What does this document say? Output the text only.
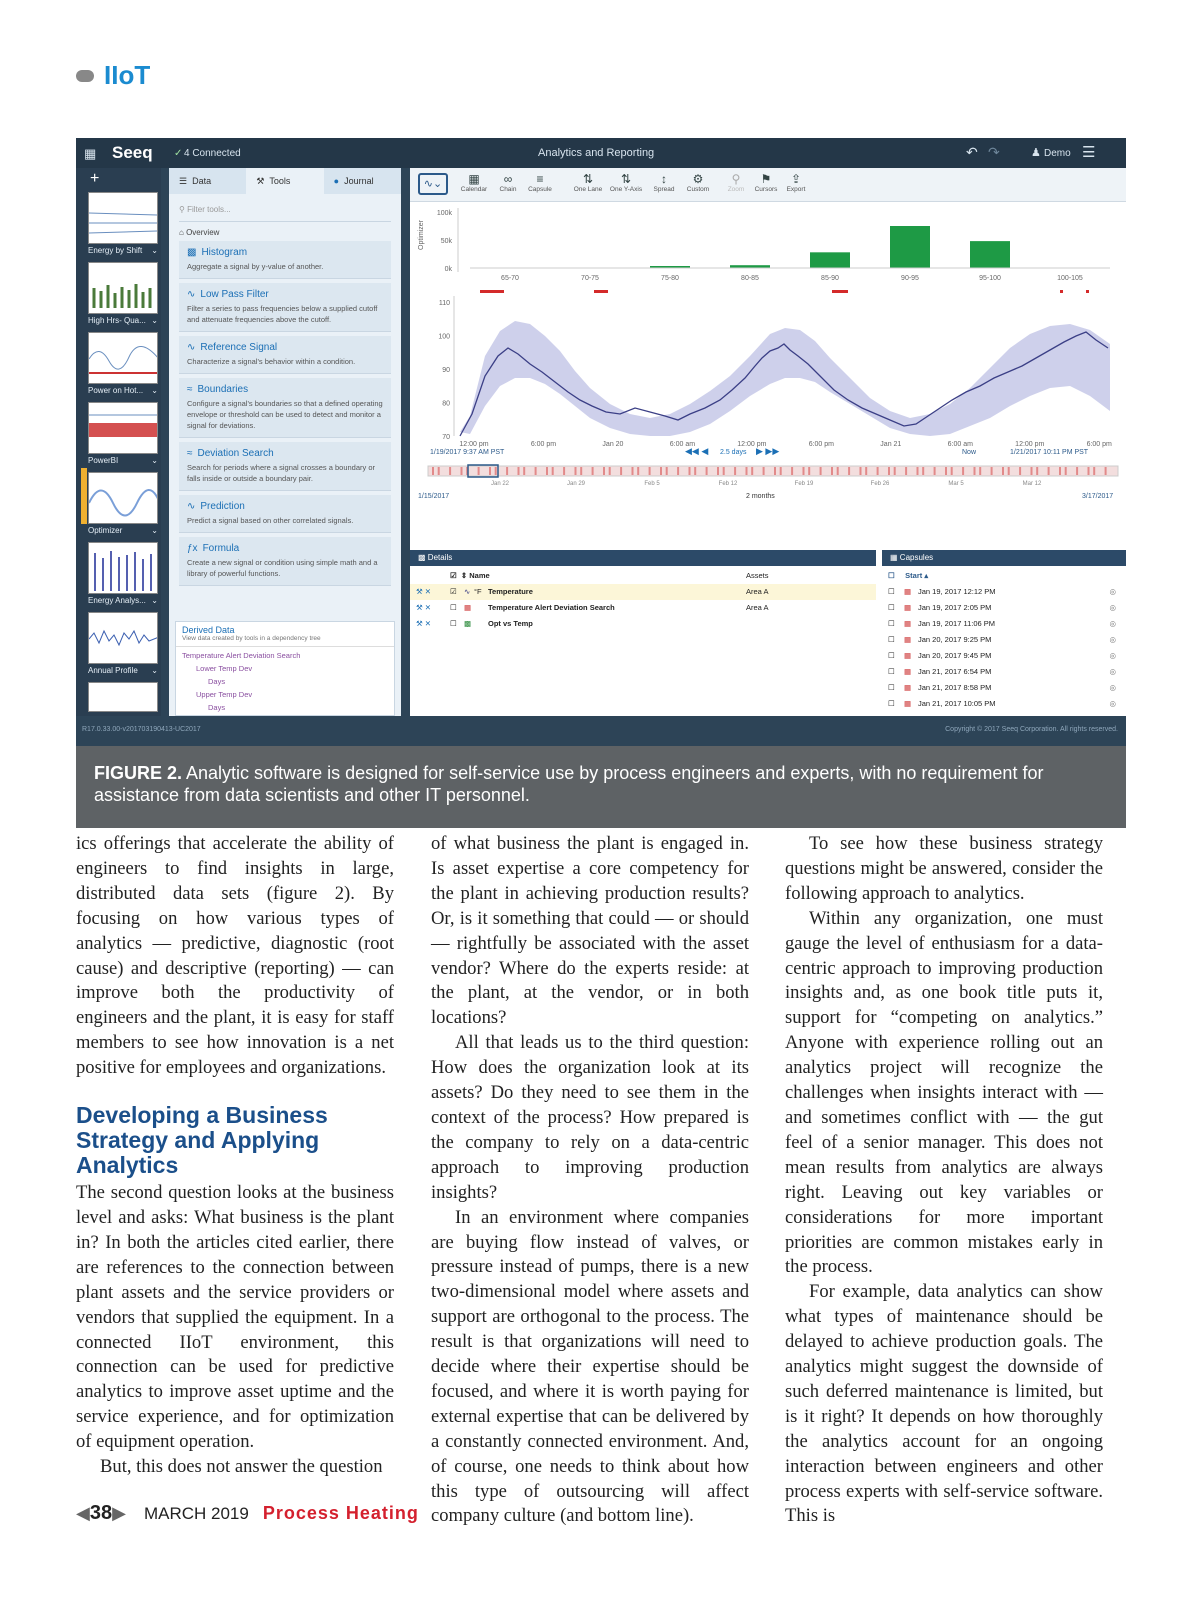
IIoT
▦ Seeq ✓ 4 Connected	Analytics and Reporting	↶ ↷	♟ Demo ☰
+
Energy by Shift ⌄
High Hrs- Qua... ⌄
Power on Hot... ⌄
PowerBI	⌄
Optimizer	⌄
Energy Analys... ⌄
Annual Profile ⌄
☰ Data	⚒ Tools	● Journal
⚲ Filter tools...
⌂ Overview
▩ Histogram
Aggregate a signal by y-value of another.
∿ Low Pass Filter
Filter a series to pass frequencies below a supplied cutoff and attenuate frequencies above the cutoff.
∿ Reference Signal
Characterize a signal's behavior within a condition.
≈ Boundaries
Configure a signal's boundaries so that a defined operating envelope or threshold can be used to detect and monitor a signal for deviations.
≈ Deviation Search
Search for periods where a signal crosses a boundary or falls inside or outside a boundary pair.
∿ Prediction
Predict a signal based on other correlated signals.
ƒx Formula
Create a new signal or condition using simple math and a library of powerful functions.
Derived Data
View data created by tools in a dependency tree
Temperature Alert Deviation Search
Lower Temp Dev
Days
Upper Temp Dev
Days
∿⌄	▦
Calendar
∞
Chain
≡
Capsule
⇅
One Lane
⇅
One Y-Axis
↕
Spread
⚙
Custom
⚲
Zoom
⚑
Cursors
⇪
Export
Optimizer
100k
50k
0k
65-70	70-75	75-80	80-85	85-90	90-95	95-100	100-105
110
100
90
80
70
12:00 pm	6:00 pm	Jan 20	6:00 am	12:00 pm	6:00 pm	Jan 21	6:00 am	12:00 pm	6:00 pm
1/19/2017 9:37 AM PST	◀◀ ◀ 2.5 days ▶ ▶▶	Now	1/21/2017 10:11 PM PST
Jan 22	Jan 29	Feb 5	Feb 12	Feb 19	Feb 26	Mar 5	Mar 12
1/15/2017	2 months	3/17/2017
▩ Details
☑  ⇕ Name	Assets
⚒ ✕	☑ ∿ °F Temperature	Area A
⚒ ✕	☐ ▦ Temperature Alert Deviation Search	Area A
⚒ ✕	☐ ▩ Opt vs Temp
▦ Capsules
☐     Start ▴
☐ ▦ Jan 19, 2017 12:12 PM	◎
☐ ▦ Jan 19, 2017 2:05 PM	◎
☐ ▦ Jan 19, 2017 11:06 PM	◎
☐ ▦ Jan 20, 2017 9:25 PM	◎
☐ ▦ Jan 20, 2017 9:45 PM	◎
☐ ▦ Jan 21, 2017 6:54 PM	◎
☐ ▦ Jan 21, 2017 8:58 PM	◎
☐ ▦ Jan 21, 2017 10:05 PM	◎
R17.0.33.00-v201703190413-UC2017	Copyright © 2017 Seeq Corporation. All rights reserved.
FIGURE 2. Analytic software is designed for self-service use by process engineers and experts, with no requirement for assistance from data scientists and other IT personnel.

ics offerings that accelerate the ability of engineers to find insights in large, distributed data sets (figure 2). By focusing on how various types of analytics — predictive, diagnostic (root cause) and descriptive (reporting) — can improve both the productivity of engineers and the plant, it is easy for staff members to see how innovation is a net positive for employees and organizations.

Developing a Business Strategy and Applying Analytics

The second question looks at the business level and asks: What business is the plant in? In both the articles cited earlier, there are references to the connection between plant assets and the service providers or vendors that supplied the equipment. In a connected IIoT environment, this connection can be used for predictive analytics to improve asset uptime and the service experience, and for optimization of equipment operation.

But, this does not answer the question

of what business the plant is engaged in. Is asset expertise a core competency for the plant in achieving production results? Or, is it something that could — or should — rightfully be associated with the asset vendor? Where do the experts reside: at the plant, at the vendor, or in both locations?

All that leads us to the third question: How does the organization look at its assets? Do they need to see them in the context of the process? How prepared is the company to rely on a data-centric approach to improving production insights?

In an environment where companies are buying flow instead of valves, or pressure instead of pumps, there is a new two-dimensional model where assets and support are orthogonal to the process. The result is that organizations will need to decide where their expertise should be focused, and where it is worth paying for external expertise that can be delivered by a constantly connected environment. And, of course, one needs to think about how this type of outsourcing will affect company culture (and bottom line).

To see how these business strategy questions might be answered, consider the following approach to analytics.

Within any organization, one must gauge the level of enthusiasm for a data-centric approach to improving production insights and, as one book title puts it, support for “competing on analytics.” Anyone with experience rolling out an analytics project will recognize the challenges when insights interact with — and sometimes conflict with — the gut feel of a senior manager. This does not mean results from analytics are always right. Leaving out key variables or considerations for more important priorities are common mistakes early in the process.

For example, data analytics can show what types of maintenance should be delayed to achieve production goals. The analytics might suggest the downside of such deferred maintenance is limited, but is it right? It depends on how thoroughly the analytics account for an ongoing interaction between engineers and other process experts with self-service software. This is

◀ 38 ▶ MARCH 2019 Process Heating
